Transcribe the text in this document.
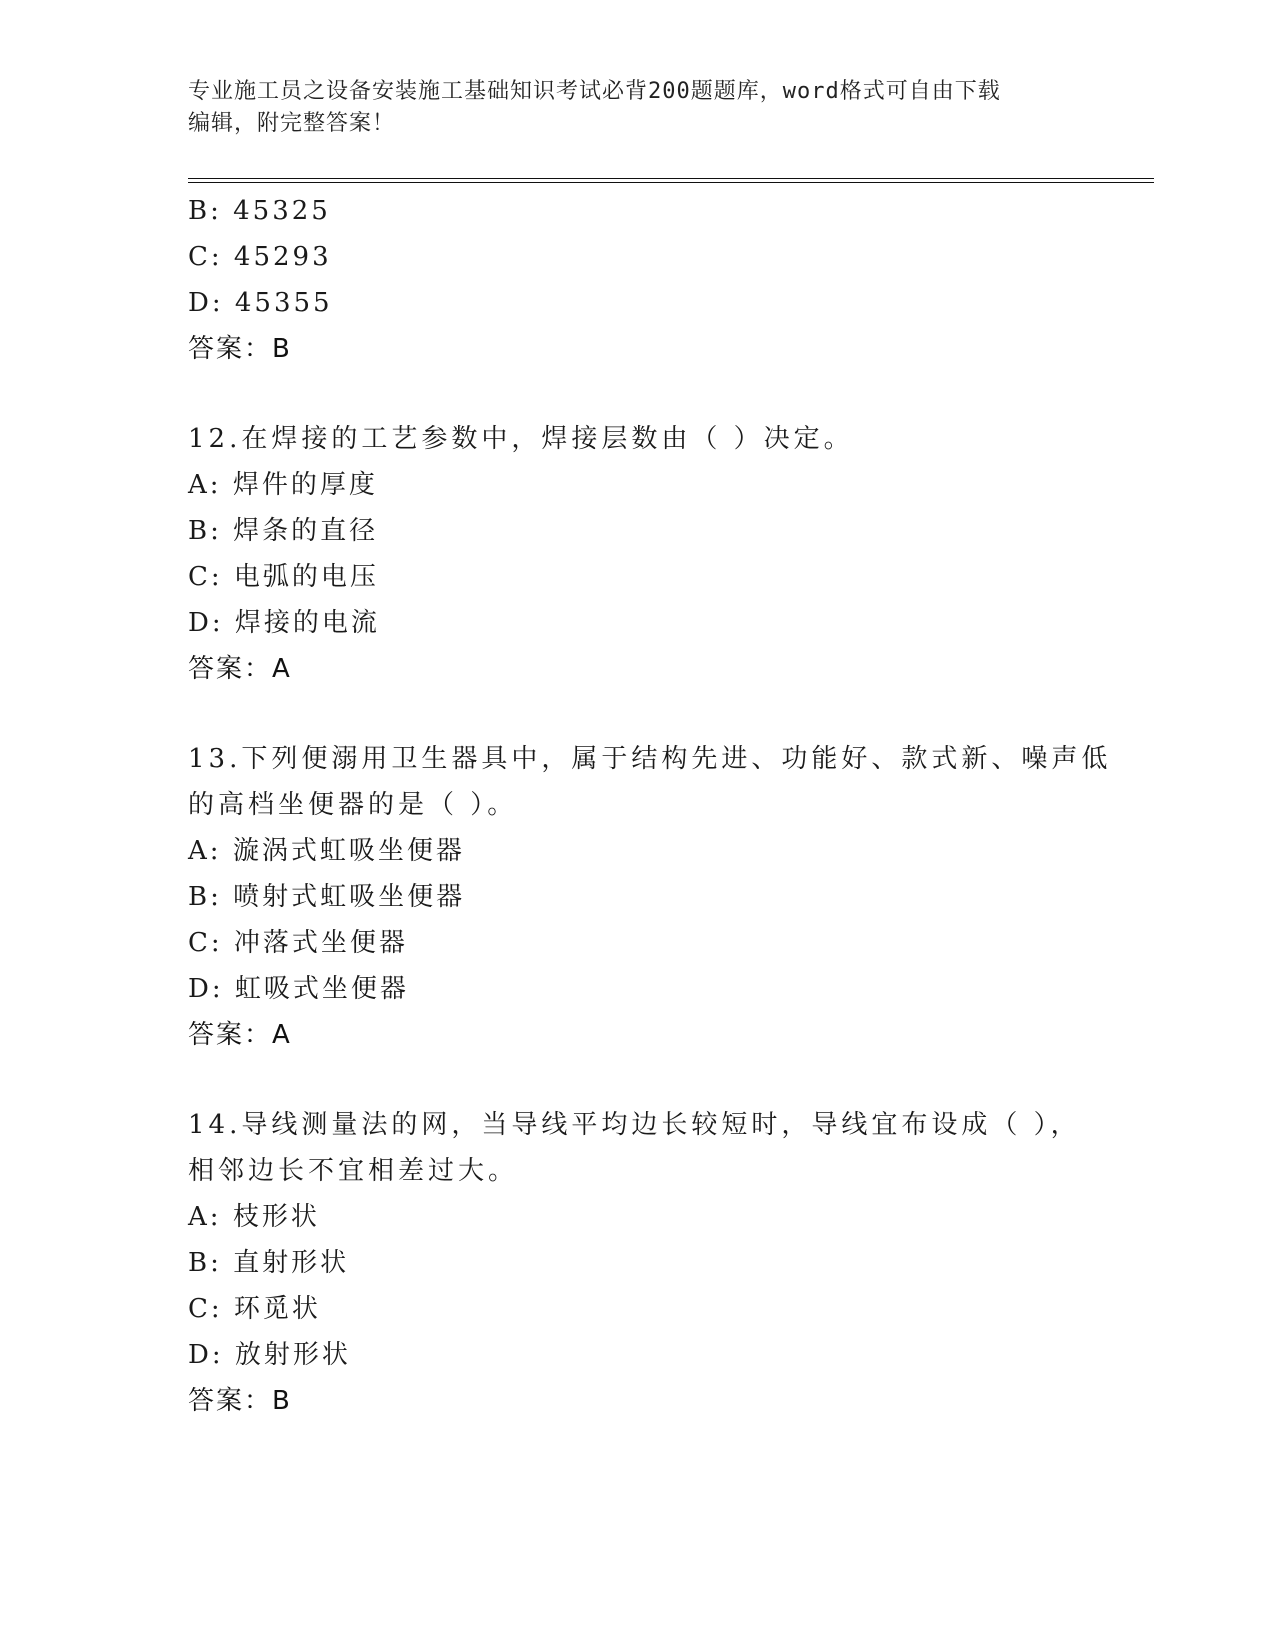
专业施工员之设备安装施工基础知识考试必背200题题库，word格式可自由下载
编辑，附完整答案！
B: 45325
C: 45293
D: 45355
答案：B
12.在焊接的工艺参数中，焊接层数由（ ）决定。
A: 焊件的厚度
B: 焊条的直径
C: 电弧的电压
D: 焊接的电流
答案：A
13.下列便溺用卫生器具中，属于结构先进、功能好、款式新、噪声低
的高档坐便器的是（ ）。
A: 漩涡式虹吸坐便器
B: 喷射式虹吸坐便器
C: 冲落式坐便器
D: 虹吸式坐便器
答案：A
14.导线测量法的网，当导线平均边长较短时，导线宜布设成（ ），
相邻边长不宜相差过大。
A: 枝形状
B: 直射形状
C: 环觅状
D: 放射形状
答案：B
